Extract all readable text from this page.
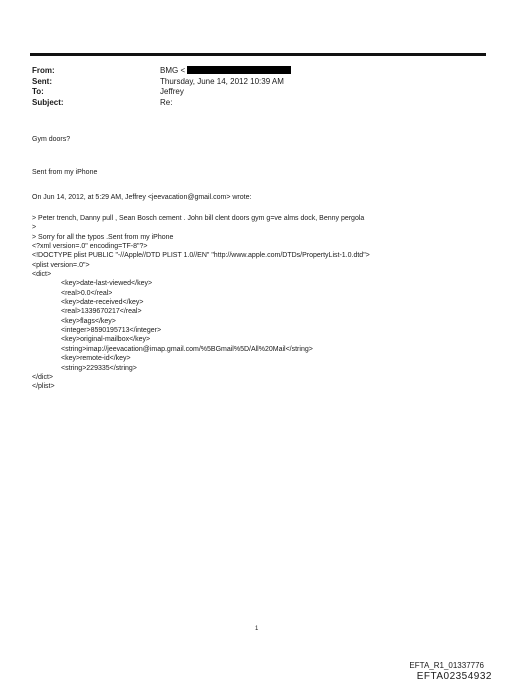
From:	BMG <
Sent:	Thursday, June 14, 2012 10:39 AM
To:	Jeffrey
Subject:	Re:
Gym doors?
Sent from my iPhone
On Jun 14, 2012, at 5:29 AM, Jeffrey <jeevacation@gmail.com> wrote:
> Peter trench, Danny pull , Sean Bosch cement . John bill clent doors gym g=ve alms dock, Benny pergola
>
> Sorry for all the typos .Sent from my iPhone
<?xml version=.0" encoding=TF-8"?>
<!DOCTYPE plist PUBLIC "-//Apple//DTD PLIST 1.0//EN" "http://www.apple.com/DTDs/PropertyList-1.0.dtd">
<plist version=.0">
<dict>
<key>date-last-viewed</key>
<real>0.0</real>
<key>date-received</key>
<real>1339670217</real>
<key>flags</key>
<integer>8590195713</integer>
<key>original-mailbox</key>
<string>imap://jeevacation@imap.gmail.com/%5BGmail%5D/All%20Mail</string>
<key>remote-id</key>
<string>229335</string>
</dict>
</plist>
1
EFTA_R1_01337776
EFTA02354932
